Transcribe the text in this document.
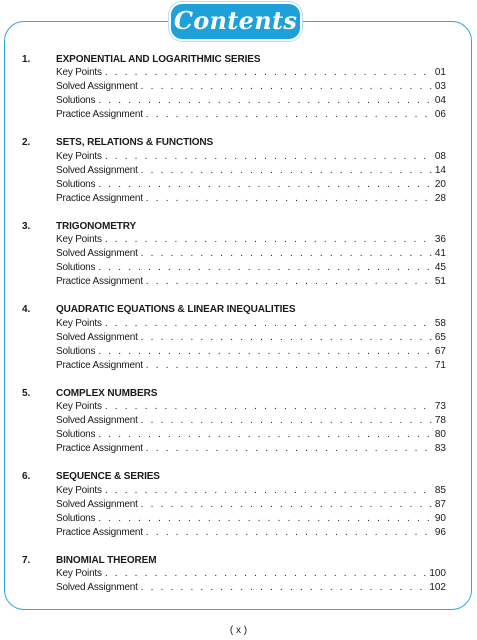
Contents
1.	EXPONENTIAL AND LOGARITHMIC SERIES
Key Points . . .	01
Solved Assignment . . .	03
Solutions . . .	04
Practice Assignment . . .	06
2.	SETS, RELATIONS & FUNCTIONS
Key Points . . .	08
Solved Assignment . . .	14
Solutions . . .	20
Practice Assignment . . .	28
3.	TRIGONOMETRY
Key Points . . .	36
Solved Assignment . . .	41
Solutions . . .	45
Practice Assignment . . .	51
4.	QUADRATIC EQUATIONS & LINEAR INEQUALITIES
Key Points . . .	58
Solved Assignment . . .	65
Solutions . . .	67
Practice Assignment . . .	71
5.	COMPLEX NUMBERS
Key Points . . .	73
Solved Assignment . . .	78
Solutions . . .	80
Practice Assignment . . .	83
6.	SEQUENCE & SERIES
Key Points . . .	85
Solved Assignment . . .	87
Solutions . . .	90
Practice Assignment . . .	96
7.	BINOMIAL THEOREM
Key Points . . .	100
Solved Assignment . . .	102
( x )
